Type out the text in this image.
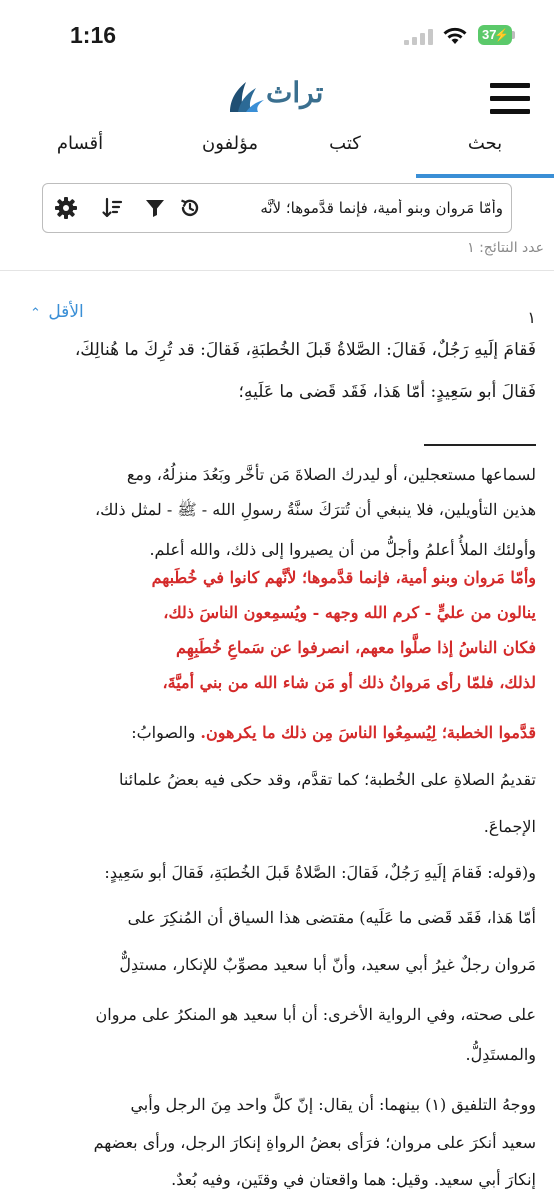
1:16	37
⚡
تراث
بحث
كتب
مؤلفون
أقسام
وأمّا مَروان وبنو أمية، فإنما قدَّموها؛ لأنَّه
عدد النتائج: ١
١
الأقل ⌃
فَقامَ إلَيهِ رَجُلٌ، فَقالَ: الصَّلاةُ قَبلَ الخُطبَةِ، فَقالَ: قد تُرِكَ ما هُنالِكَ،
فَقالَ أبو سَعِيدٍ: أمّا هَذا، فَقَد قَضى ما عَلَيهِ؛
لسماعها مستعجلين، أو ليدرك الصلاةَ مَن تأخَّر وبَعُدَ منزلُهُ، ومع
هذين التأويلين، فلا ينبغي أن تُترَكَ سنَّةُ رسولِ الله - ﷺ - لمثل ذلك،
وأولئك الملأُ أعلمُ وأجلُّ من أن يصيروا إلى ذلك، والله أعلم.
وأمّا مَروان وبنو أمية، فإنما قدَّموها؛ لأنَّهم كانوا في خُطَبهم
ينالون من عليٍّ - كرم الله وجهه - ويُسمِعون الناسَ ذلك،
فكان الناسُ إذا صلَّوا معهم، انصرفوا عن سَماعِ خُطَبِهِم
لذلك، فلمّا رأى مَروانُ ذلك أو مَن شاء الله من بني أميَّةَ،
قدَّموا الخطبة؛ لِيُسمِعُوا الناسَ مِن ذلك ما يكرهون. والصوابُ:
تقديمُ الصلاةِ على الخُطبة؛ كما تقدَّم، وقد حكى فيه بعضُ علمائنا
الإجماعَ.
و(قوله: فَقامَ إلَيهِ رَجُلٌ، فَقالَ: الصَّلاةُ قَبلَ الخُطبَةِ، فَقالَ أبو سَعِيدٍ:
أمّا هَذا، فَقَد قَضى ما عَلَيه) مقتضى هذا السياق أن المُنكِرَ على
مَروان رجلٌ غيرُ أبي سعيد، وأنّ أبا سعيد مصوِّبٌ للإنكار، مستدِلٌّ
على صحته، وفي الرواية الأخرى: أن أبا سعيد هو المنكرُ على مروان
والمستَدِلُّ.
ووجهُ التلفيق (١) بينهما: أن يقال: إنّ كلَّ واحد مِنَ الرجل وأبي
سعيد أنكرَ على مروان؛ فرَأى بعضُ الرواةِ إنكارَ الرجل، ورأى بعضهم
إنكارَ أبي سعيد. وقيل: هما واقعتان في وقتَين، وفيه بُعدٌ.
